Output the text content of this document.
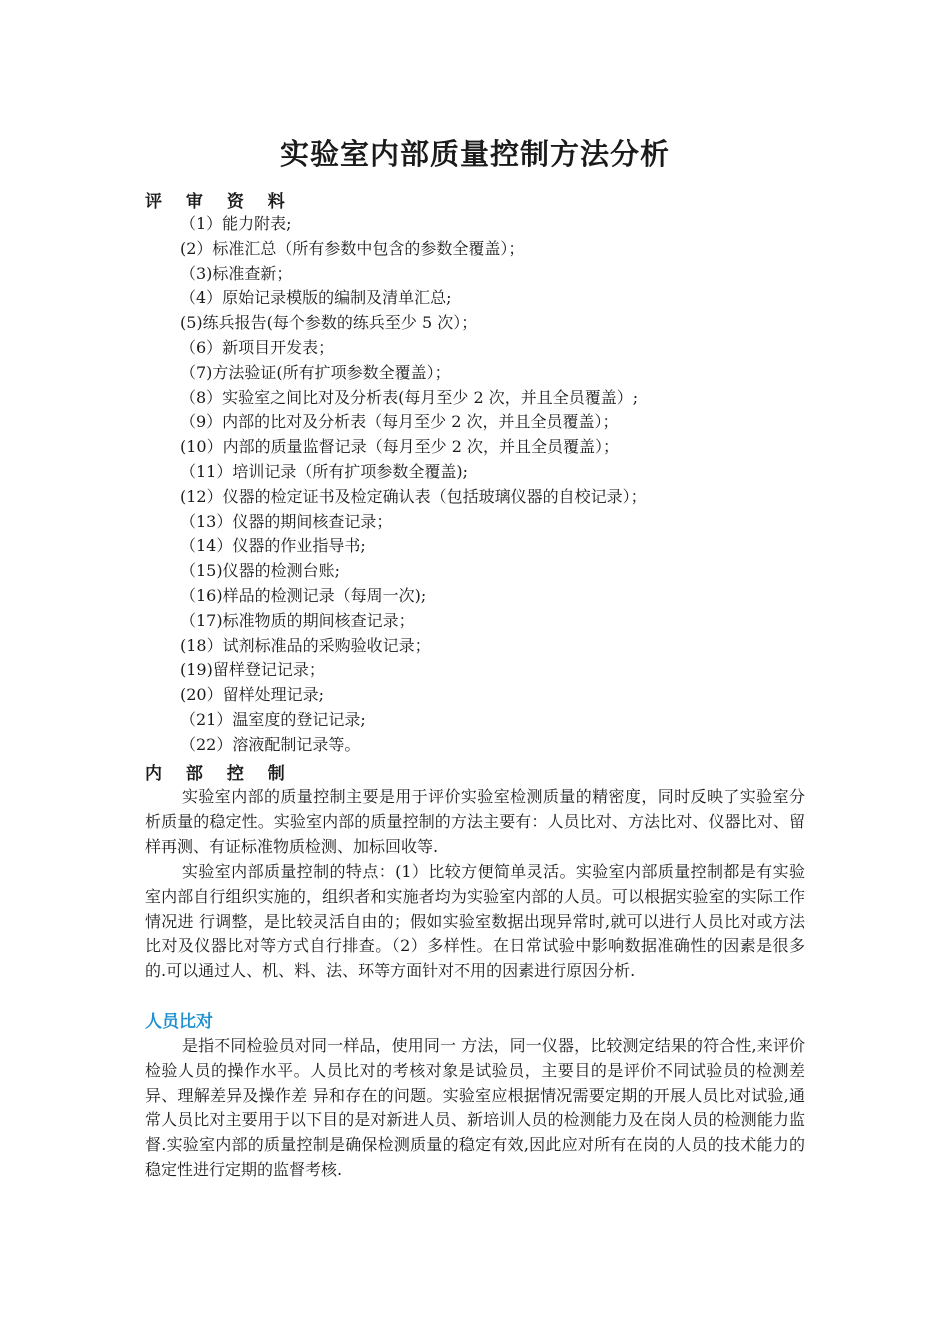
实验室内部质量控制方法分析
评 审 资 料
（1）能力附表;
(2）标准汇总（所有参数中包含的参数全覆盖）；
（3)标准查新；
（4）原始记录模版的编制及清单汇总;
(5)练兵报告(每个参数的练兵至少 5 次）；
（6）新项目开发表；
（7)方法验证(所有扩项参数全覆盖）；
（8）实验室之间比对及分析表(每月至少 2 次，并且全员覆盖）;
（9）内部的比对及分析表（每月至少 2 次，并且全员覆盖）；
(10）内部的质量监督记录（每月至少 2 次，并且全员覆盖）；
（11）培训记录（所有扩项参数全覆盖);
(12）仪器的检定证书及检定确认表（包括玻璃仪器的自校记录）；
（13）仪器的期间核查记录；
（14）仪器的作业指导书;
（15)仪器的检测台账;
（16)样品的检测记录（每周一次);
（17)标准物质的期间核查记录；
(18）试剂标准品的采购验收记录；
(19)留样登记记录；
(20）留样处理记录;
（21）温室度的登记记录;
（22）溶液配制记录等。
内 部 控 制

实验室内部的质量控制主要是用于评价实验室检测质量的精密度，同时反映了实验室分析质量的稳定性。实验室内部的质量控制的方法主要有：人员比对、方法比对、仪器比对、留样再测、有证标准物质检测、加标回收等.

实验室内部质量控制的特点：(1）比较方便简单灵活。实验室内部质量控制都是有实验室内部自行组织实施的，组织者和实施者均为实验室内部的人员。可以根据实验室的实际工作情况进 行调整，是比较灵活自由的；假如实验室数据出现异常时,就可以进行人员比对或方法比对及仪器比对等方式自行排查。（2）多样性。在日常试验中影响数据准确性的因素是很多的.可以通过人、机、料、法、环等方面针对不用的因素进行原因分析.

人员比对

是指不同检验员对同一样品，使用同一 方法，同一仪器，比较测定结果的符合性,来评价检验人员的操作水平。人员比对的考核对象是试验员，主要目的是评价不同试验员的检测差异、理解差异及操作差 异和存在的问题。实验室应根据情况需要定期的开展人员比对试验,通常人员比对主要用于以下目的是对新进人员、新培训人员的检测能力及在岗人员的检测能力监 督.实验室内部的质量控制是确保检测质量的稳定有效,因此应对所有在岗的人员的技术能力的稳定性进行定期的监督考核.
